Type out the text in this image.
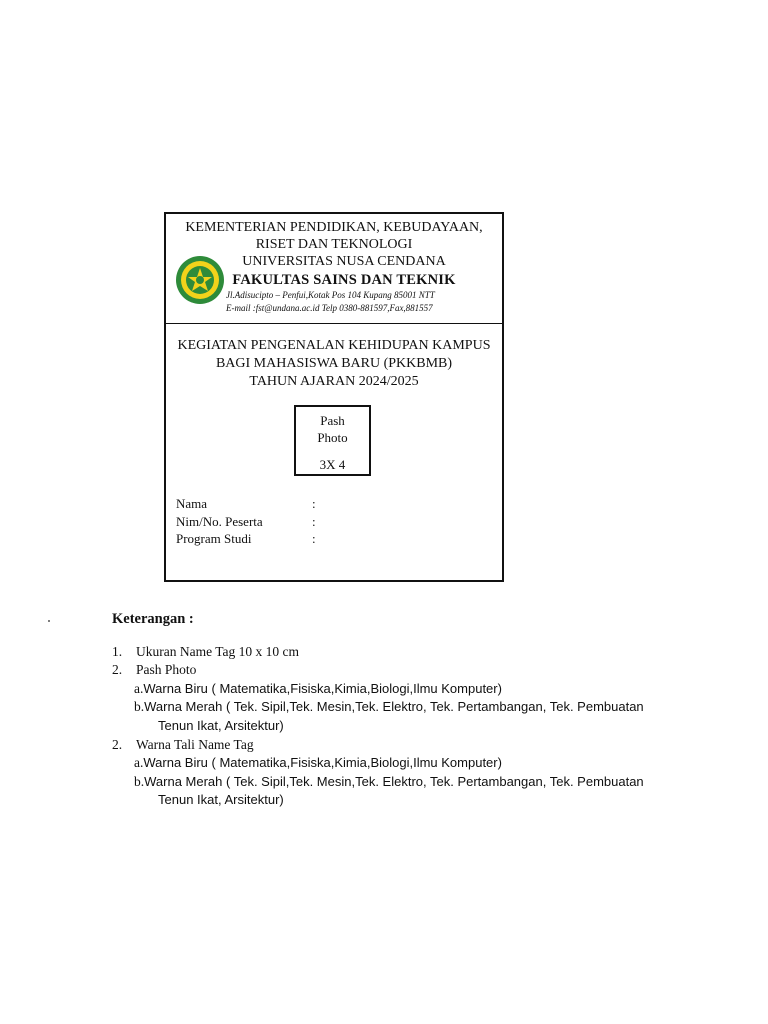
KEMENTERIAN PENDIDIKAN, KEBUDAYAAN,
RISET DAN TEKNOLOGI
UNIVERSITAS NUSA CENDANA
FAKULTAS SAINS DAN TEKNIK
Jl.Adisucipto – Penfui,Kotak Pos 104 Kupang 85001 NTT
E-mail :fst@undana.ac.id Telp 0380-881597,Fax,881557
KEGIATAN PENGENALAN KEHIDUPAN KAMPUS
BAGI MAHASISWA BARU (PKKBMB)
TAHUN AJARAN 2024/2025
Pash
Photo
3X 4
Nama	:
Nim/No. Peserta	:
Program Studi	:
Keterangan :
1. Ukuran Name Tag 10 x 10 cm
2. Pash Photo
a.Warna Biru ( Matematika,Fisiska,Kimia,Biologi,Ilmu Komputer)
b.Warna Merah ( Tek. Sipil,Tek. Mesin,Tek. Elektro, Tek. Pertambangan, Tek. Pembuatan
Tenun Ikat, Arsitektur)
2. Warna Tali Name Tag
a.Warna Biru ( Matematika,Fisiska,Kimia,Biologi,Ilmu Komputer)
b.Warna Merah ( Tek. Sipil,Tek. Mesin,Tek. Elektro, Tek. Pertambangan, Tek. Pembuatan
Tenun Ikat, Arsitektur)
